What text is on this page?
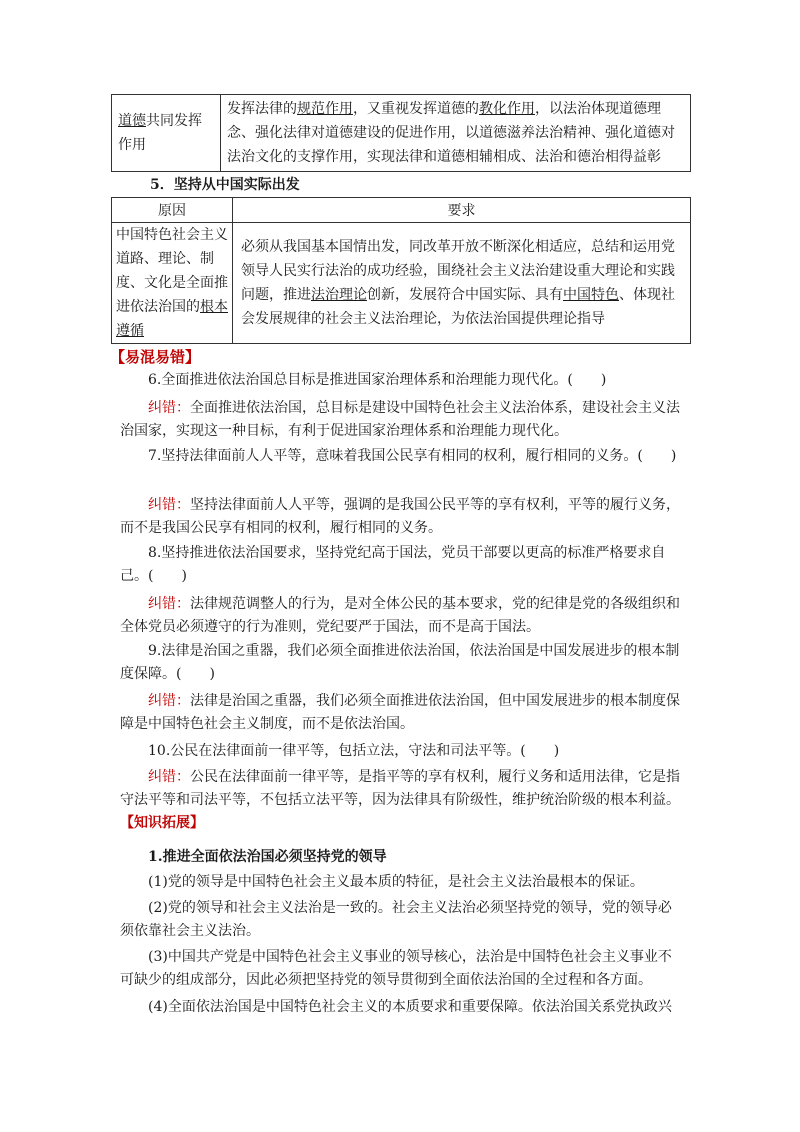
道德共同发挥作用	发挥法律的规范作用，又重视发挥道德的教化作用，以法治体现道德理念、强化法律对道德建设的促进作用，以道德滋养法治精神、强化道德对法治文化的支撑作用，实现法律和道德相辅相成、法治和德治相得益彰
5．坚持从中国实际出发
原因	要求
中国特色社会主义道路、理论、制度、文化是全面推进依法治国的根本遵循	必须从我国基本国情出发，同改革开放不断深化相适应，总结和运用党领导人民实行法治的成功经验，围绕社会主义法治建设重大理论和实践问题，推进法治理论创新，发展符合中国实际、具有中国特色、体现社会发展规律的社会主义法治理论，为依法治国提供理论指导
【易混易错】
6.全面推进依法治国总目标是推进国家治理体系和治理能力现代化。(　　)
纠错：全面推进依法治国，总目标是建设中国特色社会主义法治体系，建设社会主义法治国家，实现这一种目标，有利于促进国家治理体系和治理能力现代化。
7.坚持法律面前人人平等，意味着我国公民享有相同的权利，履行相同的义务。(　　)
纠错：坚持法律面前人人平等，强调的是我国公民平等的享有权利，平等的履行义务，而不是我国公民享有相同的权利，履行相同的义务。
8.坚持推进依法治国要求，坚持党纪高于国法，党员干部要以更高的标准严格要求自己。(　　)
纠错：法律规范调整人的行为，是对全体公民的基本要求，党的纪律是党的各级组织和全体党员必须遵守的行为准则，党纪要严于国法，而不是高于国法。
9.法律是治国之重器，我们必须全面推进依法治国，依法治国是中国发展进步的根本制度保障。(　　)
纠错：法律是治国之重器，我们必须全面推进依法治国，但中国发展进步的根本制度保障是中国特色社会主义制度，而不是依法治国。
10.公民在法律面前一律平等，包括立法，守法和司法平等。(　　)
纠错：公民在法律面前一律平等，是指平等的享有权利，履行义务和适用法律，它是指守法平等和司法平等，不包括立法平等，因为法律具有阶级性，维护统治阶级的根本利益。【知识拓展】
1.推进全面依法治国必须坚持党的领导
(1)党的领导是中国特色社会主义最本质的特征，是社会主义法治最根本的保证。
(2)党的领导和社会主义法治是一致的。社会主义法治必须坚持党的领导，党的领导必须依靠社会主义法治。
(3)中国共产党是中国特色社会主义事业的领导核心，法治是中国特色社会主义事业不可缺少的组成部分，因此必须把坚持党的领导贯彻到全面依法治国的全过程和各方面。
(4)全面依法治国是中国特色社会主义的本质要求和重要保障。依法治国关系党执政兴
